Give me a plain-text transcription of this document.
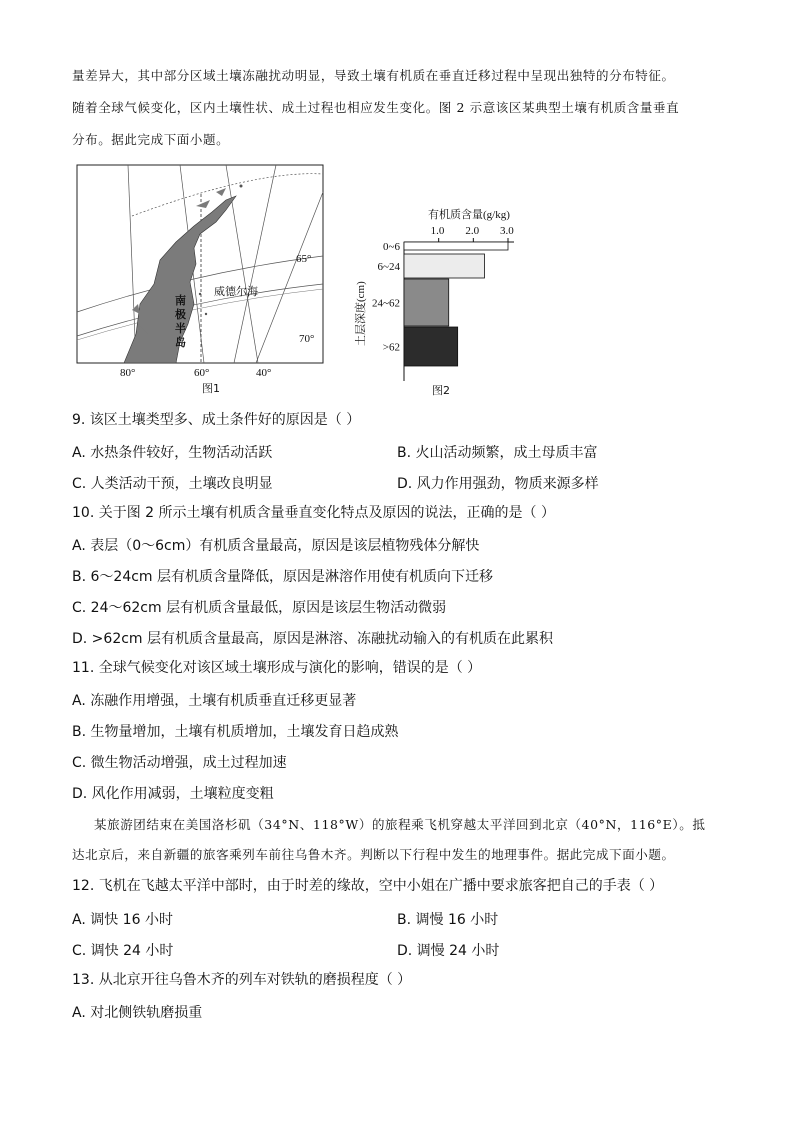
量差异大，其中部分区域土壤冻融扰动明显，导致土壤有机质在垂直迁移过程中呈现出独特的分布特征。
随着全球气候变化，区内土壤性状、成土过程也相应发生变化。图 2 示意该区某典型土壤有机质含量垂直
分布。据此完成下面小题。
威德尔海
南
极
半
岛
65°
70°
80°	60°	40°
图1
有机质含量(g/kg)
土层深度(cm)
1.0 2.0 3.0
0~6
6~24
24~62
>62
图2
9. 该区土壤类型多、成土条件好的原因是（ ）
A. 水热条件较好，生物活动活跃	B. 火山活动频繁，成土母质丰富
C. 人类活动干预，土壤改良明显	D. 风力作用强劲，物质来源多样
10. 关于图 2 所示土壤有机质含量垂直变化特点及原因的说法，正确的是（ ）
A. 表层（0～6cm）有机质含量最高，原因是该层植物残体分解快
B. 6～24cm 层有机质含量降低，原因是淋溶作用使有机质向下迁移
C. 24～62cm 层有机质含量最低，原因是该层生物活动微弱
D. >62cm 层有机质含量最高，原因是淋溶、冻融扰动输入的有机质在此累积
11. 全球气候变化对该区域土壤形成与演化的影响，错误的是（ ）
A. 冻融作用增强，土壤有机质垂直迁移更显著
B. 生物量增加，土壤有机质增加，土壤发育日趋成熟
C. 微生物活动增强，成土过程加速
D. 风化作用减弱，土壤粒度变粗
某旅游团结束在美国洛杉矶（34°N、118°W）的旅程乘飞机穿越太平洋回到北京（40°N，116°E）。抵
达北京后，来自新疆的旅客乘列车前往乌鲁木齐。判断以下行程中发生的地理事件。据此完成下面小题。
12. 飞机在飞越太平洋中部时，由于时差的缘故，空中小姐在广播中要求旅客把自己的手表（ ）
A. 调快 16 小时	B. 调慢 16 小时
C. 调快 24 小时	D. 调慢 24 小时
13. 从北京开往乌鲁木齐的列车对铁轨的磨损程度（ ）
A. 对北侧铁轨磨损重
